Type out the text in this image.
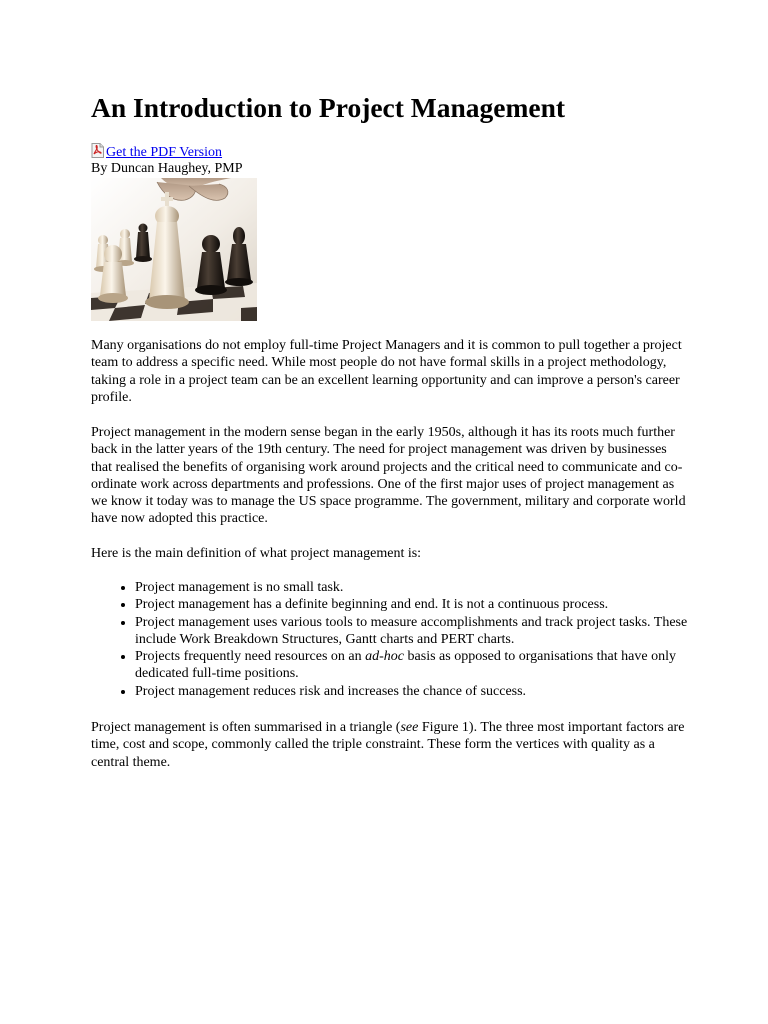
An Introduction to Project Management
Get the PDF Version
By Duncan Haughey, PMP

Many organisations do not employ full-time Project Managers and it is common to pull together a project team to address a specific need. While most people do not have formal skills in a project methodology, taking a role in a project team can be an excellent learning opportunity and can improve a person's career profile.

Project management in the modern sense began in the early 1950s, although it has its roots much further back in the latter years of the 19th century. The need for project management was driven by businesses that realised the benefits of organising work around projects and the critical need to communicate and co-ordinate work across departments and professions. One of the first major uses of project management as we know it today was to manage the US space programme. The government, military and corporate world have now adopted this practice.

Here is the main definition of what project management is:

• Project management is no small task.
• Project management has a definite beginning and end. It is not a continuous process.
• Project management uses various tools to measure accomplishments and track project tasks. These include Work Breakdown Structures, Gantt charts and PERT charts.
• Projects frequently need resources on an ad-hoc basis as opposed to organisations that have only dedicated full-time positions.
• Project management reduces risk and increases the chance of success.

Project management is often summarised in a triangle (see Figure 1). The three most important factors are time, cost and scope, commonly called the triple constraint. These form the vertices with quality as a central theme.
